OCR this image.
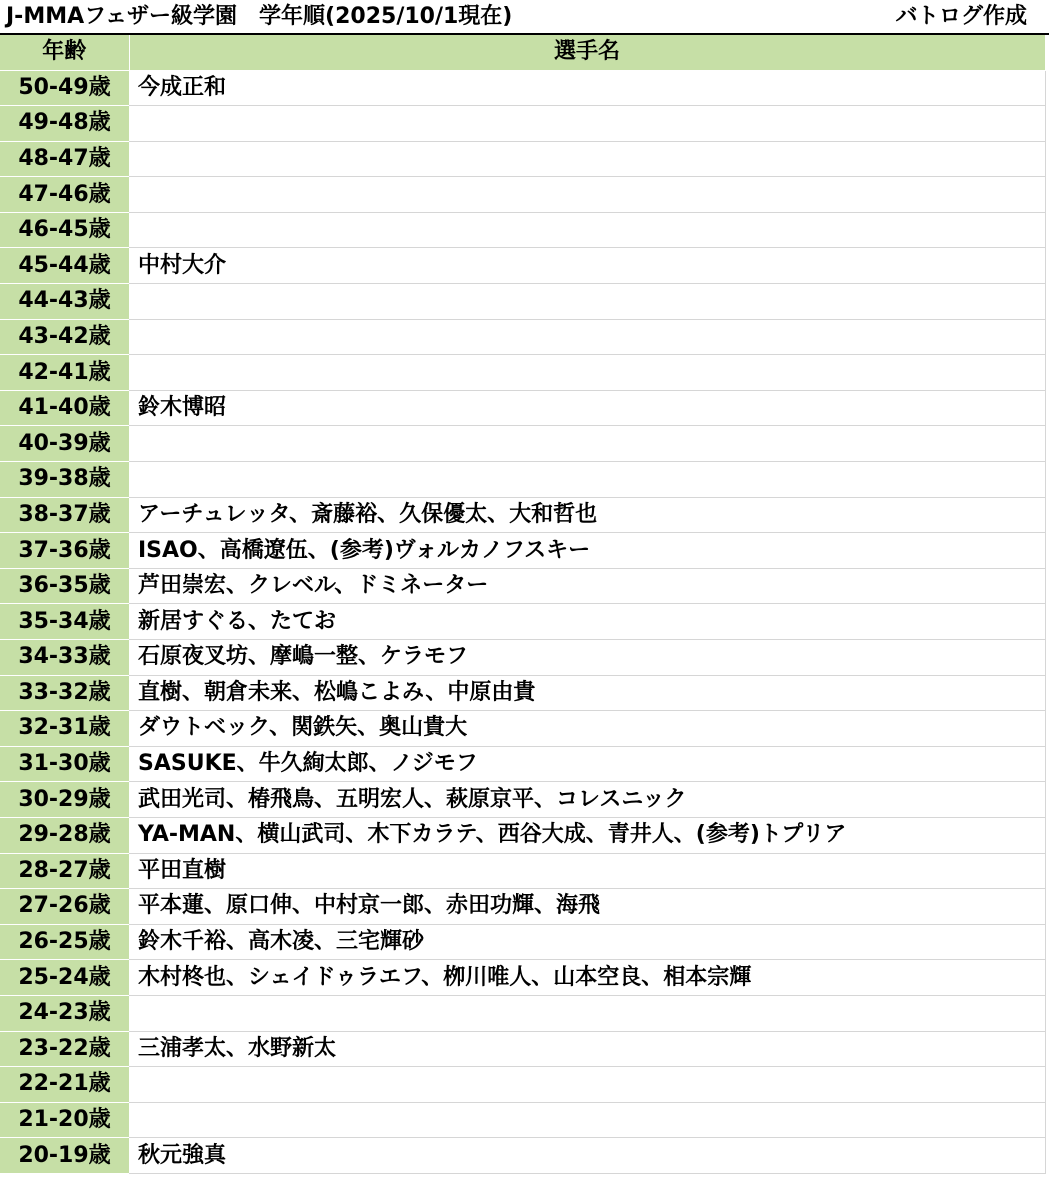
J-MMAフェザー級学園　学年順(2025/10/1現在)	バトログ作成
年齢	選手名
50-49歳	今成正和
49-48歳	
48-47歳	
47-46歳	
46-45歳	
45-44歳	中村大介
44-43歳	
43-42歳	
42-41歳	
41-40歳	鈴木博昭
40-39歳	
39-38歳	
38-37歳	アーチュレッタ、斎藤裕、久保優太、大和哲也
37-36歳	ISAO、高橋遼伍、(参考)ヴォルカノフスキー
36-35歳	芦田崇宏、クレベル、ドミネーター
35-34歳	新居すぐる、たてお
34-33歳	石原夜叉坊、摩嶋一整、ケラモフ
33-32歳	直樹、朝倉未来、松嶋こよみ、中原由貴
32-31歳	ダウトベック、関鉄矢、奥山貴大
31-30歳	SASUKE、牛久絢太郎、ノジモフ
30-29歳	武田光司、椿飛鳥、五明宏人、萩原京平、コレスニック
29-28歳	YA-MAN、横山武司、木下カラテ、西谷大成、青井人、(参考)トプリア
28-27歳	平田直樹
27-26歳	平本蓮、原口伸、中村京一郎、赤田功輝、海飛
26-25歳	鈴木千裕、高木凌、三宅輝砂
25-24歳	木村柊也、シェイドゥラエフ、栁川唯人、山本空良、相本宗輝
24-23歳	
23-22歳	三浦孝太、水野新太
22-21歳	
21-20歳	
20-19歳	秋元強真
